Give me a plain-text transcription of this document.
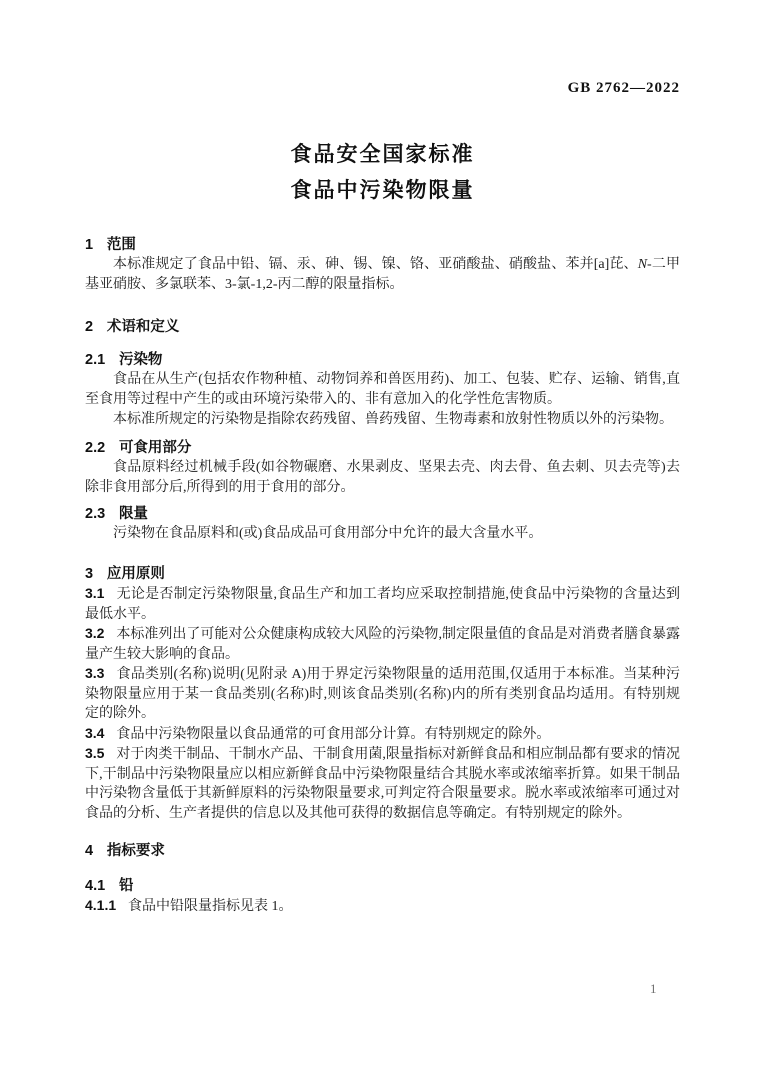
GB 2762—2022
食品安全国家标准
食品中污染物限量
1 范围

本标准规定了食品中铅、镉、汞、砷、锡、镍、铬、亚硝酸盐、硝酸盐、苯并[a]芘、N-二甲基亚硝胺、多氯联苯、3-氯-1,2-丙二醇的限量指标。

2 术语和定义
2.1 污染物

食品在从生产(包括农作物种植、动物饲养和兽医用药)、加工、包装、贮存、运输、销售,直至食用等过程中产生的或由环境污染带入的、非有意加入的化学性危害物质。

本标准所规定的污染物是指除农药残留、兽药残留、生物毒素和放射性物质以外的污染物。

2.2 可食用部分

食品原料经过机械手段(如谷物碾磨、水果剥皮、坚果去壳、肉去骨、鱼去刺、贝去壳等)去除非食用部分后,所得到的用于食用的部分。

2.3 限量

污染物在食品原料和(或)食品成品可食用部分中允许的最大含量水平。

3 应用原则

3.1 无论是否制定污染物限量,食品生产和加工者均应采取控制措施,使食品中污染物的含量达到最低水平。

3.2 本标准列出了可能对公众健康构成较大风险的污染物,制定限量值的食品是对消费者膳食暴露量产生较大影响的食品。

3.3 食品类别(名称)说明(见附录 A)用于界定污染物限量的适用范围,仅适用于本标准。当某种污染物限量应用于某一食品类别(名称)时,则该食品类别(名称)内的所有类别食品均适用。有特别规定的除外。

3.4 食品中污染物限量以食品通常的可食用部分计算。有特别规定的除外。

3.5 对于肉类干制品、干制水产品、干制食用菌,限量指标对新鲜食品和相应制品都有要求的情况下,干制品中污染物限量应以相应新鲜食品中污染物限量结合其脱水率或浓缩率折算。如果干制品中污染物含量低于其新鲜原料的污染物限量要求,可判定符合限量要求。脱水率或浓缩率可通过对食品的分析、生产者提供的信息以及其他可获得的数据信息等确定。有特别规定的除外。

4 指标要求
4.1 铅

4.1.1 食品中铅限量指标见表 1。

1
